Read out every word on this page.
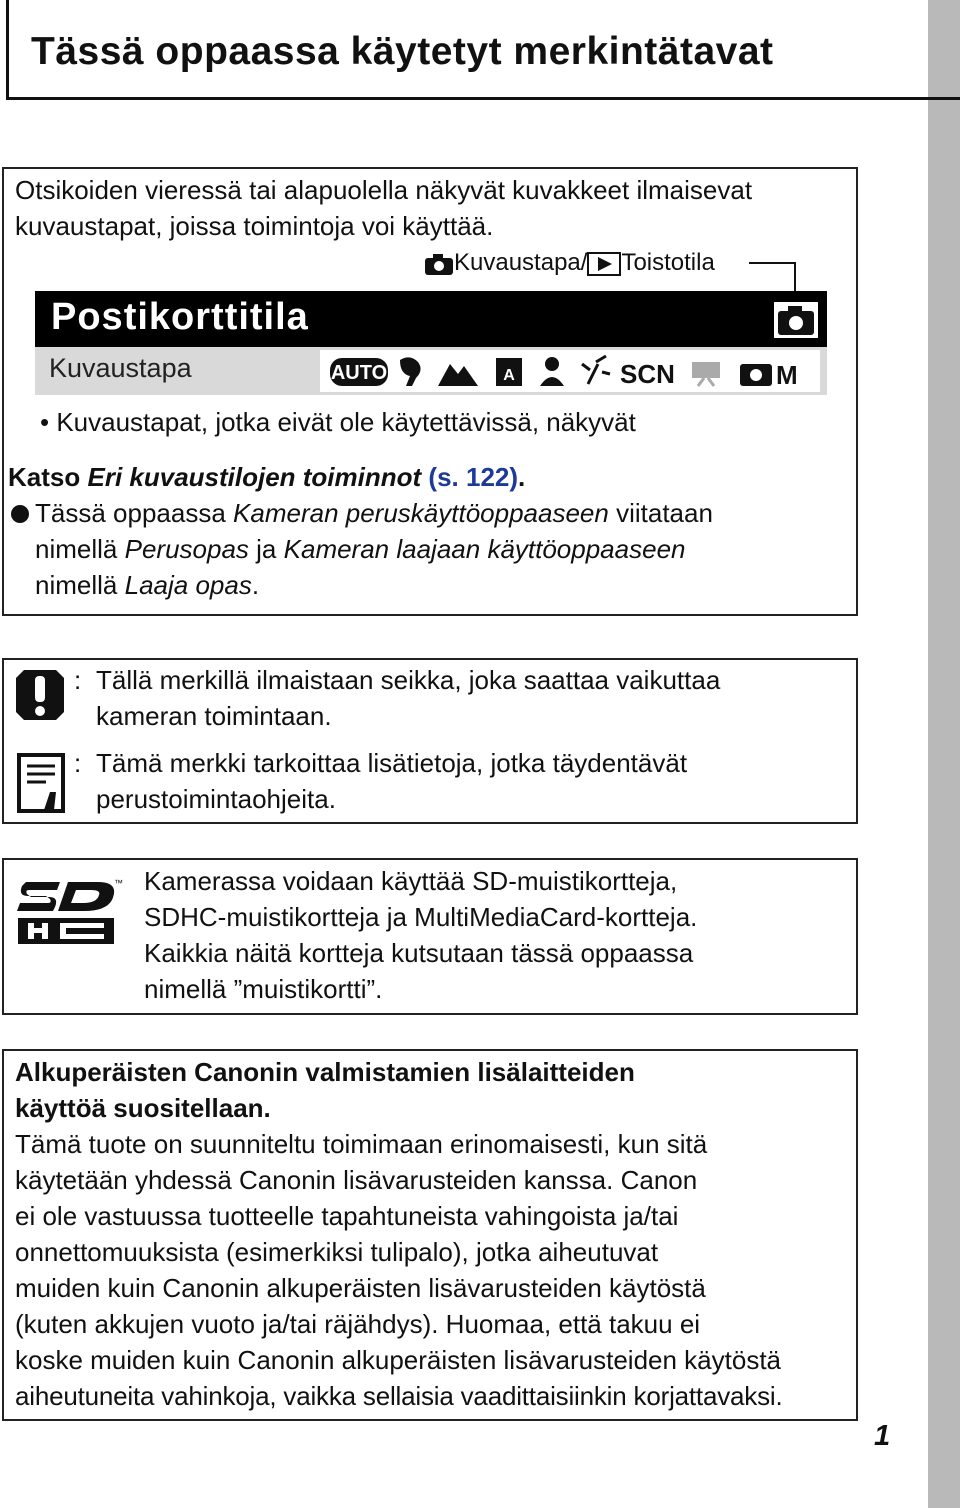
Tässä oppaassa käytetyt merkintätavat
Otsikoiden vieressä tai alapuolella näkyvät kuvakkeet ilmaisevat
kuvaustapat, joissa toimintoja voi käyttää.
Kuvaustapa/ Toistotila
Postikorttitila
Kuvaustapa	AUTO	A	SCN	M
• Kuvaustapat, jotka eivät ole käytettävissä, näkyvät
Katso Eri kuvaustilojen toiminnot (s. 122).
Tässä oppaassa Kameran peruskäyttöoppaaseen viitataan
nimellä Perusopas ja Kameran laajaan käyttöoppaaseen
nimellä Laaja opas.
: Tällä merkillä ilmaistaan seikka, joka saattaa vaikuttaa
kameran toimintaan.
: Tämä merkki tarkoittaa lisätietoja, jotka täydentävät
perustoimintaohjeita.
™ Kamerassa voidaan käyttää SD-muistikortteja,
SDHC-muistikortteja ja MultiMediaCard-kortteja.
Kaikkia näitä kortteja kutsutaan tässä oppaassa
nimellä ”muistikortti”.
Alkuperäisten Canonin valmistamien lisälaitteiden
käyttöä suositellaan.
Tämä tuote on suunniteltu toimimaan erinomaisesti, kun sitä
käytetään yhdessä Canonin lisävarusteiden kanssa. Canon
ei ole vastuussa tuotteelle tapahtuneista vahingoista ja/tai
onnettomuuksista (esimerkiksi tulipalo), jotka aiheutuvat
muiden kuin Canonin alkuperäisten lisävarusteiden käytöstä
(kuten akkujen vuoto ja/tai räjähdys). Huomaa, että takuu ei
koske muiden kuin Canonin alkuperäisten lisävarusteiden käytöstä
aiheutuneita vahinkoja, vaikka sellaisia vaadittaisiinkin korjattavaksi.
1
